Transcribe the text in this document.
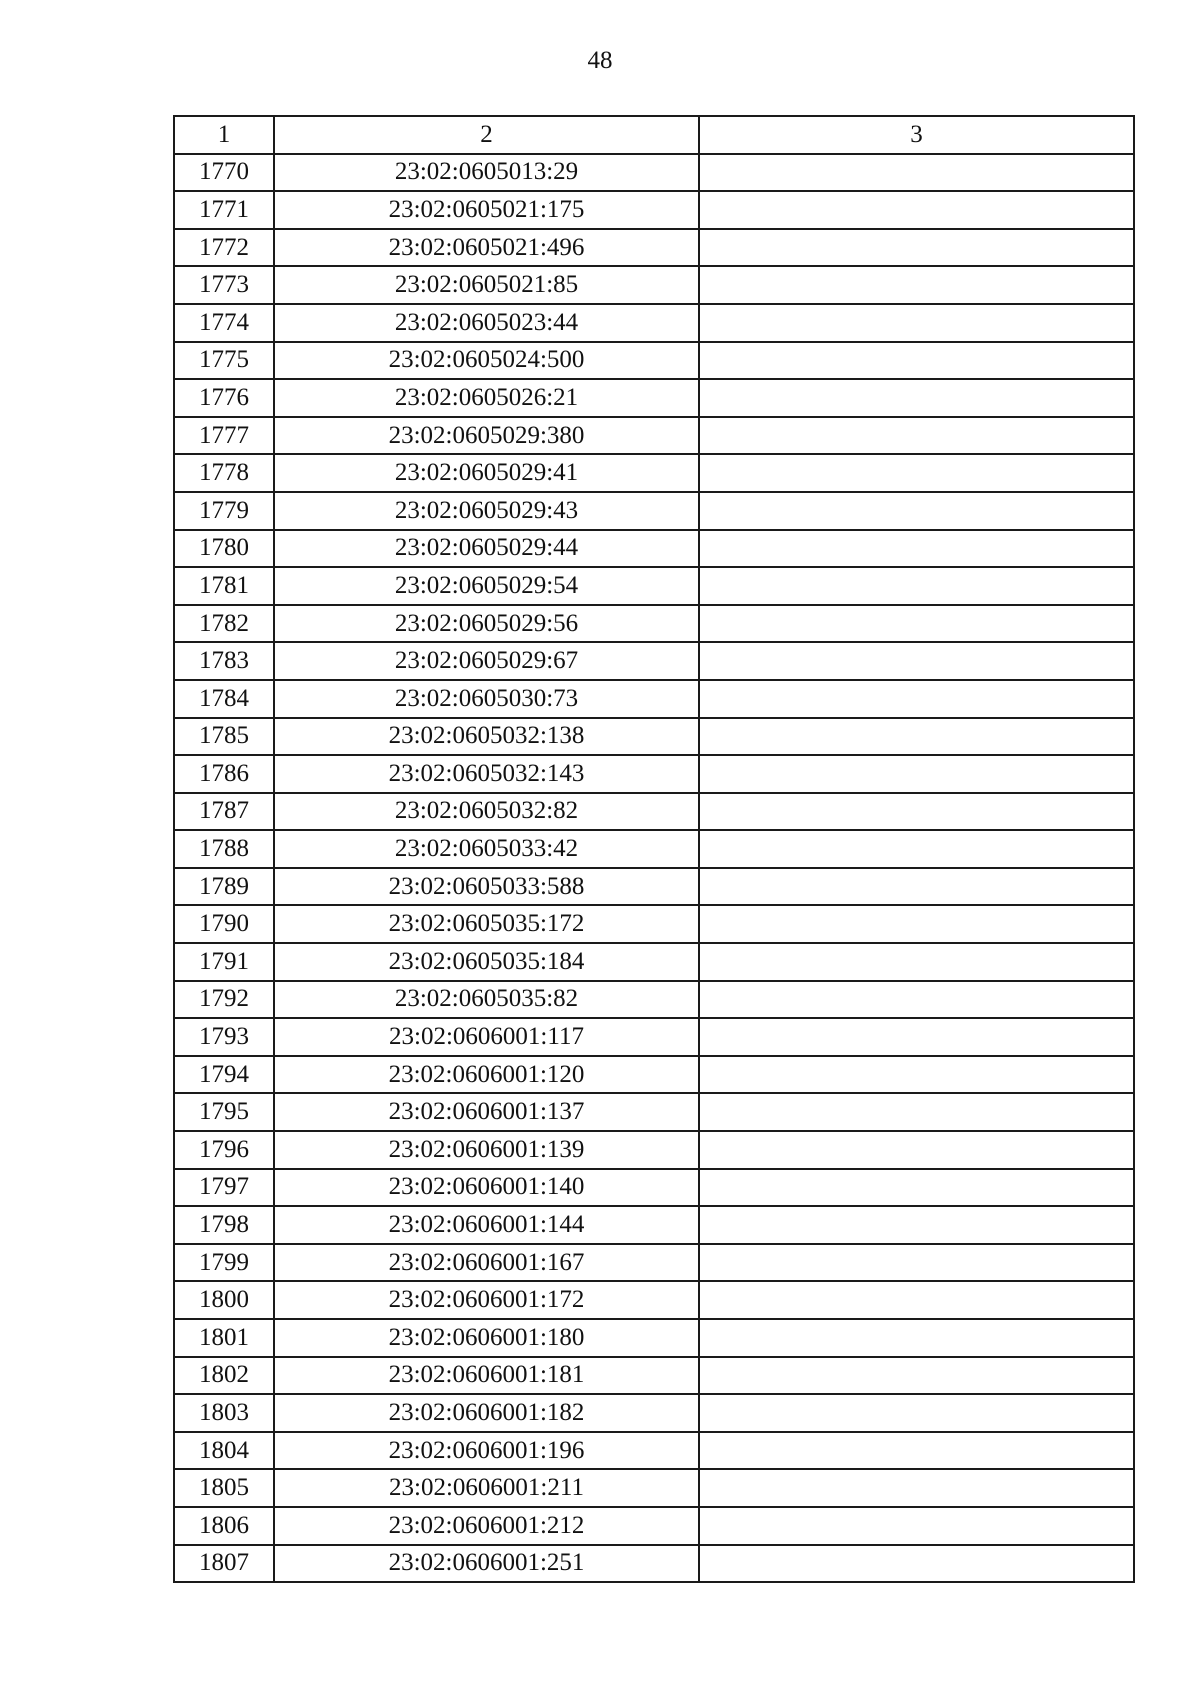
48
1	2	3
1770	23:02:0605013:29	
1771	23:02:0605021:175	
1772	23:02:0605021:496	
1773	23:02:0605021:85	
1774	23:02:0605023:44	
1775	23:02:0605024:500	
1776	23:02:0605026:21	
1777	23:02:0605029:380	
1778	23:02:0605029:41	
1779	23:02:0605029:43	
1780	23:02:0605029:44	
1781	23:02:0605029:54	
1782	23:02:0605029:56	
1783	23:02:0605029:67	
1784	23:02:0605030:73	
1785	23:02:0605032:138	
1786	23:02:0605032:143	
1787	23:02:0605032:82	
1788	23:02:0605033:42	
1789	23:02:0605033:588	
1790	23:02:0605035:172	
1791	23:02:0605035:184	
1792	23:02:0605035:82	
1793	23:02:0606001:117	
1794	23:02:0606001:120	
1795	23:02:0606001:137	
1796	23:02:0606001:139	
1797	23:02:0606001:140	
1798	23:02:0606001:144	
1799	23:02:0606001:167	
1800	23:02:0606001:172	
1801	23:02:0606001:180	
1802	23:02:0606001:181	
1803	23:02:0606001:182	
1804	23:02:0606001:196	
1805	23:02:0606001:211	
1806	23:02:0606001:212	
1807	23:02:0606001:251	
